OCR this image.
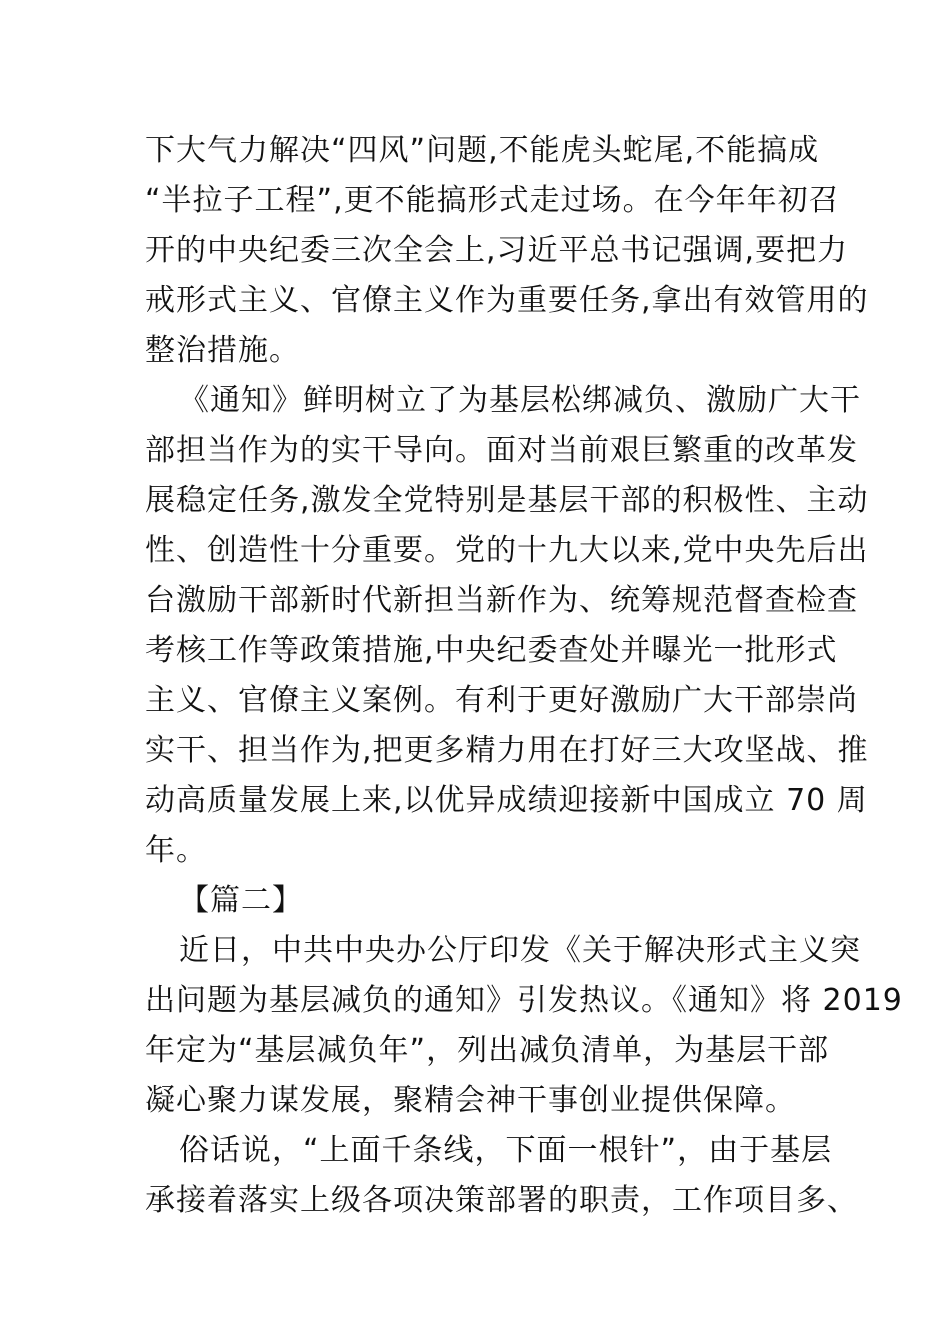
下大气力解决“四风”问题,不能虎头蛇尾,不能搞成
“半拉子工程”,更不能搞形式走过场。在今年年初召
开的中央纪委三次全会上,习近平总书记强调,要把力
戒形式主义、官僚主义作为重要任务,拿出有效管用的
整治措施。
《通知》鲜明树立了为基层松绑减负、激励广大干
部担当作为的实干导向。面对当前艰巨繁重的改革发
展稳定任务,激发全党特别是基层干部的积极性、主动
性、创造性十分重要。党的十九大以来,党中央先后出
台激励干部新时代新担当新作为、统筹规范督查检查
考核工作等政策措施,中央纪委查处并曝光一批形式
主义、官僚主义案例。有利于更好激励广大干部崇尚
实干、担当作为,把更多精力用在打好三大攻坚战、推
动高质量发展上来,以优异成绩迎接新中国成立 70 周
年。
【篇二】
近日，中共中央办公厅印发《关于解决形式主义突
出问题为基层减负的通知》引发热议。《通知》将 2019
年定为“基层减负年”，列出减负清单，为基层干部
凝心聚力谋发展，聚精会神干事创业提供保障。
俗话说，“上面千条线，下面一根针”，由于基层
承接着落实上级各项决策部署的职责，工作项目多、
